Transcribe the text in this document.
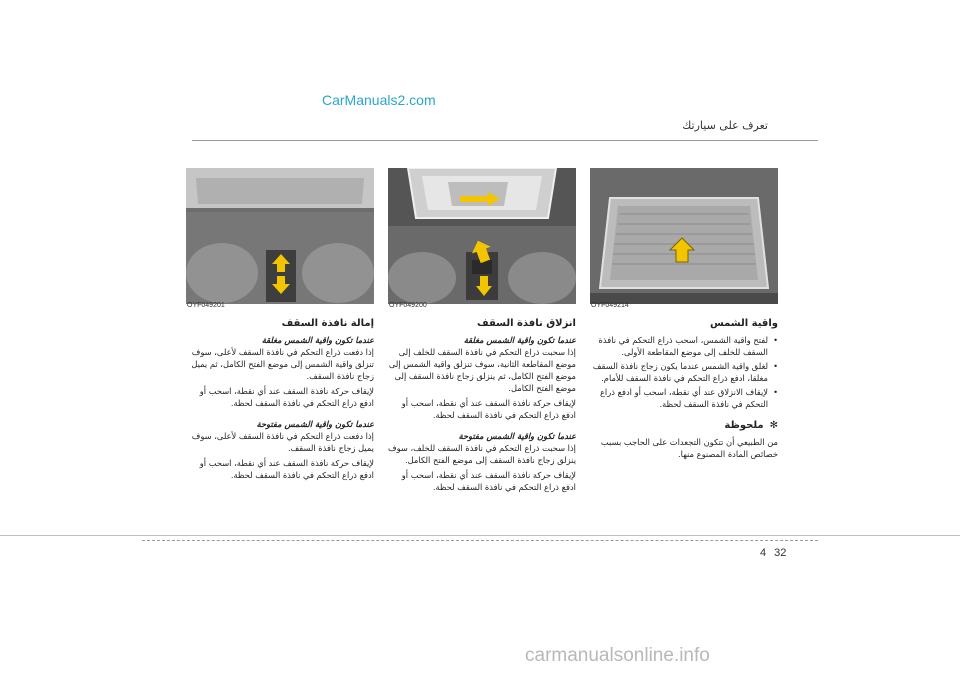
CarManuals2.com
تعرف على سيارتك
OYF049214
OYF049200
OYF049201
واقية الشمس
• لفتح واقية الشمس، اسحب ذراع التحكم في نافذة السقف للخلف إلى موضع المقاطعة الأولى.
• لغلق واقية الشمس عندما يكون زجاج نافذة السقف مغلقا، ادفع ذراع التحكم في نافذة السقف للأمام.
• لإيقاف الانزلاق عند أي نقطة، اسحب أو ادفع ذراع التحكم في نافذة السقف لحظة.
✻ملحوظة

من الطبيعي أن تتكون التجعدات على الحاجب بسبب خصائص المادة المصنوع منها.

انزلاق نافذة السقف

عندما تكون واقية الشمس مغلقة

إذا سحبت ذراع التحكم في نافذة السقف للخلف إلى موضع المقاطعة الثانية، سوف تنزلق واقية الشمس إلى موضع الفتح الكامل، ثم ينزلق زجاج نافذة السقف إلى موضع الفتح الكامل.

لإيقاف حركة نافذة السقف عند أي نقطة، اسحب أو ادفع ذراع التحكم في نافذة السقف لحظة.

عندما تكون واقية الشمس مفتوحة

إذا سحبت ذراع التحكم في نافذة السقف للخلف، سوف ينزلق زجاج نافذة السقف إلى موضع الفتح الكامل.

لإيقاف حركة نافذة السقف عند أي نقطة، اسحب أو ادفع ذراع التحكم في نافذة السقف لحظة.

إمالة نافذة السقف

عندما تكون واقية الشمس مغلقة

إذا دفعت ذراع التحكم في نافذة السقف لأعلى، سوف تنزلق واقية الشمس إلى موضع الفتح الكامل، ثم يميل زجاج نافذة السقف.

لإيقاف حركة نافذة السقف عند أي نقطة، اسحب أو ادفع ذراع التحكم في نافذة السقف لحظة.

عندما تكون واقية الشمس مفتوحة

إذا دفعت ذراع التحكم في نافذة السقف لأعلى، سوف يميل زجاج نافذة السقف.

لإيقاف حركة نافذة السقف عند أي نقطة، اسحب أو ادفع ذراع التحكم في نافذة السقف لحظة.

4 32
carmanualsonline.info
